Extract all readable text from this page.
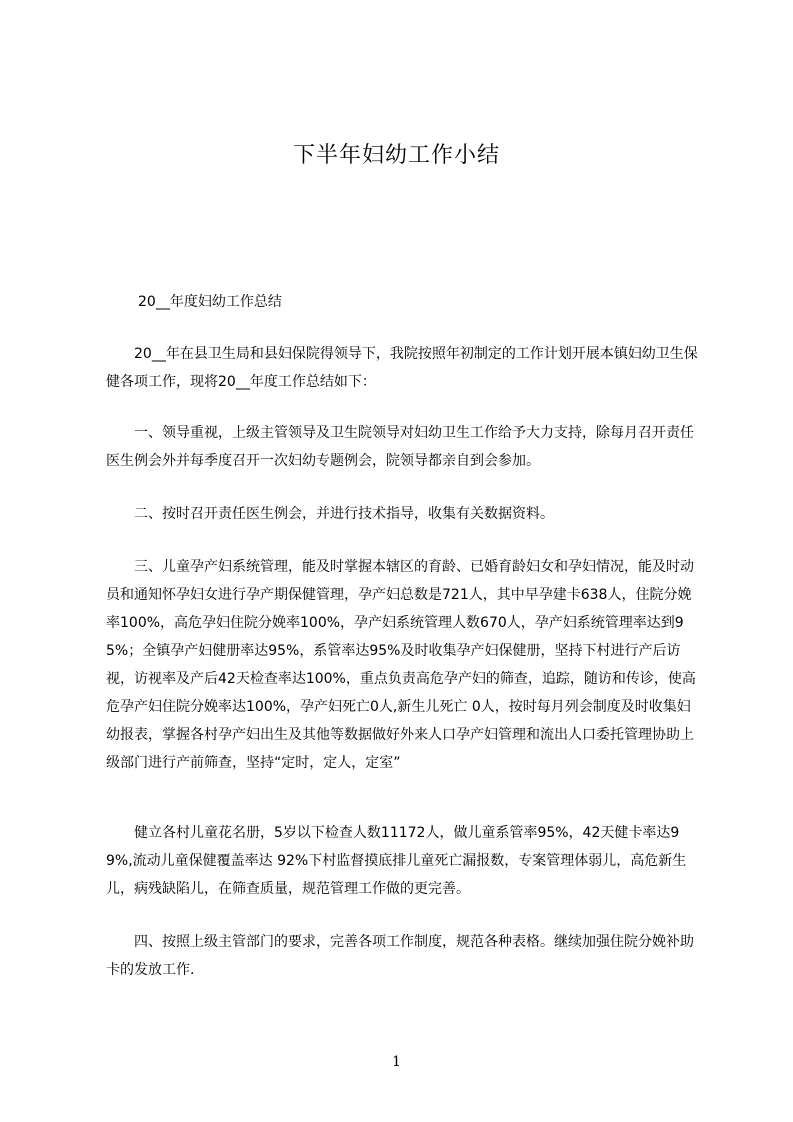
下半年妇幼工作小结

20__年度妇幼工作总结

20__年在县卫生局和县妇保院得领导下，我院按照年初制定的工作计划开展本镇妇幼卫生保健各项工作，现将20__年度工作总结如下：

一、领导重视，上级主管领导及卫生院领导对妇幼卫生工作给予大力支持，除每月召开责任医生例会外并每季度召开一次妇幼专题例会，院领导都亲自到会参加。

二、按时召开责任医生例会，并进行技术指导，收集有关数据资料。

三、儿童孕产妇系统管理，能及时掌握本辖区的育龄、已婚育龄妇女和孕妇情况，能及时动员和通知怀孕妇女进行孕产期保健管理，孕产妇总数是721人，其中早孕建卡638人，住院分娩率100%，高危孕妇住院分娩率100%，孕产妇系统管理人数670人，孕产妇系统管理率达到95%；全镇孕产妇健册率达95%，系管率达95%及时收集孕产妇保健册，坚持下村进行产后访视，访视率及产后42天检查率达100%，重点负责高危孕产妇的筛查，追踪，随访和传诊，使高危孕产妇住院分娩率达100%，孕产妇死亡0人,新生儿死亡 0人，按时每月列会制度及时收集妇幼报表，掌握各村孕产妇出生及其他等数据做好外来人口孕产妇管理和流出人口委托管理协助上级部门进行产前筛查，坚持“定时，定人，定室”

健立各村儿童花名册，5岁以下检查人数11172人，做儿童系管率95%，42天健卡率达99%,流动儿童保健覆盖率达 92%下村监督摸底排儿童死亡漏报数，专案管理体弱儿，高危新生儿，病残缺陷儿，在筛查质量，规范管理工作做的更完善。

四、按照上级主管部门的要求，完善各项工作制度，规范各种表格。继续加强住院分娩补助卡的发放工作.

1
